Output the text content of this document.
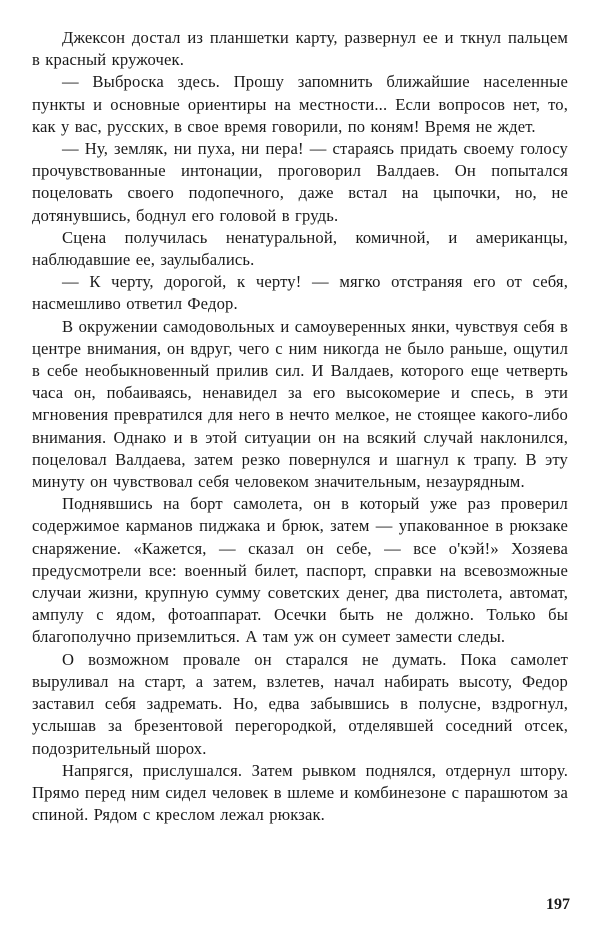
Джексон достал из планшетки карту, развернул ее и ткнул пальцем в красный кружочек.

— Выброска здесь. Прошу запомнить ближайшие населенные пункты и основные ориентиры на местности... Если вопросов нет, то, как у вас, русских, в свое время говорили, по коням! Время не ждет.

— Ну, земляк, ни пуха, ни пера! — стараясь придать своему голосу прочувствованные интонации, проговорил Валдаев. Он попытался поцеловать своего подопечного, даже встал на цыпочки, но, не дотянувшись, боднул его головой в грудь.

Сцена получилась ненатуральной, комичной, и американцы, наблюдавшие ее, заулыбались.

— К черту, дорогой, к черту! — мягко отстраняя его от себя, насмешливо ответил Федор.

В окружении самодовольных и самоуверенных янки, чувствуя себя в центре внимания, он вдруг, чего с ним никогда не было раньше, ощутил в себе необыкновенный прилив сил. И Валдаев, которого еще четверть часа он, побаиваясь, ненавидел за его высокомерие и спесь, в эти мгновения превратился для него в нечто мелкое, не стоящее какого-либо внимания. Однако и в этой ситуации он на всякий случай наклонился, поцеловал Валдаева, затем резко повернулся и шагнул к трапу. В эту минуту он чувствовал себя человеком значительным, незаурядным.

Поднявшись на борт самолета, он в который уже раз проверил содержимое карманов пиджака и брюк, затем — упакованное в рюкзаке снаряжение. «Кажется, — сказал он себе, — все о'кэй!» Хозяева предусмотрели все: военный билет, паспорт, справки на всевозможные случаи жизни, крупную сумму советских денег, два пистолета, автомат, ампулу с ядом, фотоаппарат. Осечки быть не должно. Только бы благополучно приземлиться. А там уж он сумеет замести следы.

О возможном провале он старался не думать. Пока самолет выруливал на старт, а затем, взлетев, начал набирать высоту, Федор заставил себя задремать. Но, едва забывшись в полусне, вздрогнул, услышав за брезентовой перегородкой, отделявшей соседний отсек, подозрительный шорох.

Напрягся, прислушался. Затем рывком поднялся, отдернул штору. Прямо перед ним сидел человек в шлеме и комбинезоне с парашютом за спиной. Рядом с креслом лежал рюкзак.

197
